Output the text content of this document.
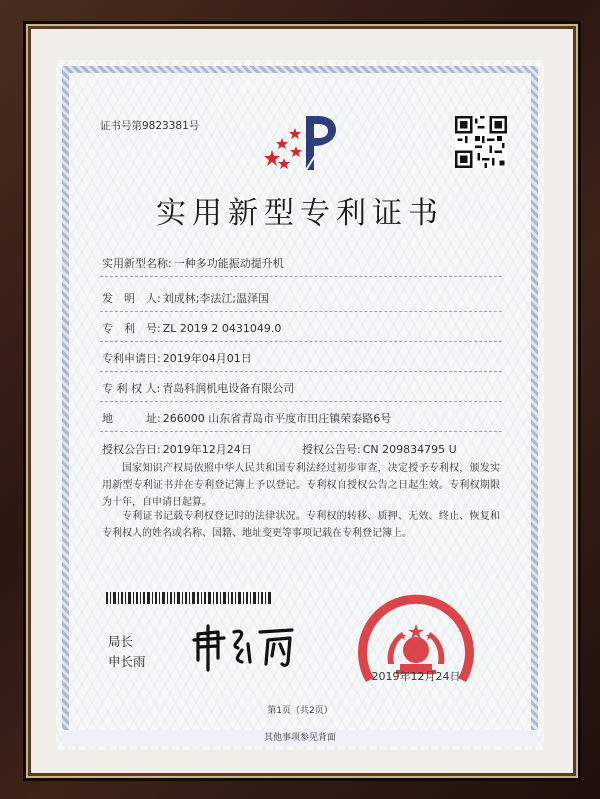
证书号第9823381号
实用新型专利证书
实用新型名称: 一种多功能振动提升机
发　明　人: 刘成林;李法江;温泽国
专　利　号: ZL 2019 2 0431049.0
专利申请日: 2019年04月01日
专 利 权 人: 青岛科润机电设备有限公司
地　　　址: 266000 山东省青岛市平度市田庄镇荣泰路6号
授权公告日: 2019年12月24日	授权公告号: CN 209834795 U
国家知识产权局依照中华人民共和国专利法经过初步审查，决定授予专利权，颁发实用新型专利证书并在专利登记簿上予以登记。专利权自授权公告之日起生效。专利权期限为十年，自申请日起算。
专利证书记载专利权登记时的法律状况。专利权的转移、质押、无效、终止、恢复和专利权人的姓名或名称、国籍、地址变更等事项记载在专利登记簿上。
局长
申长雨
2019年12月24日
第1页（共2页）
其他事项参见背面
